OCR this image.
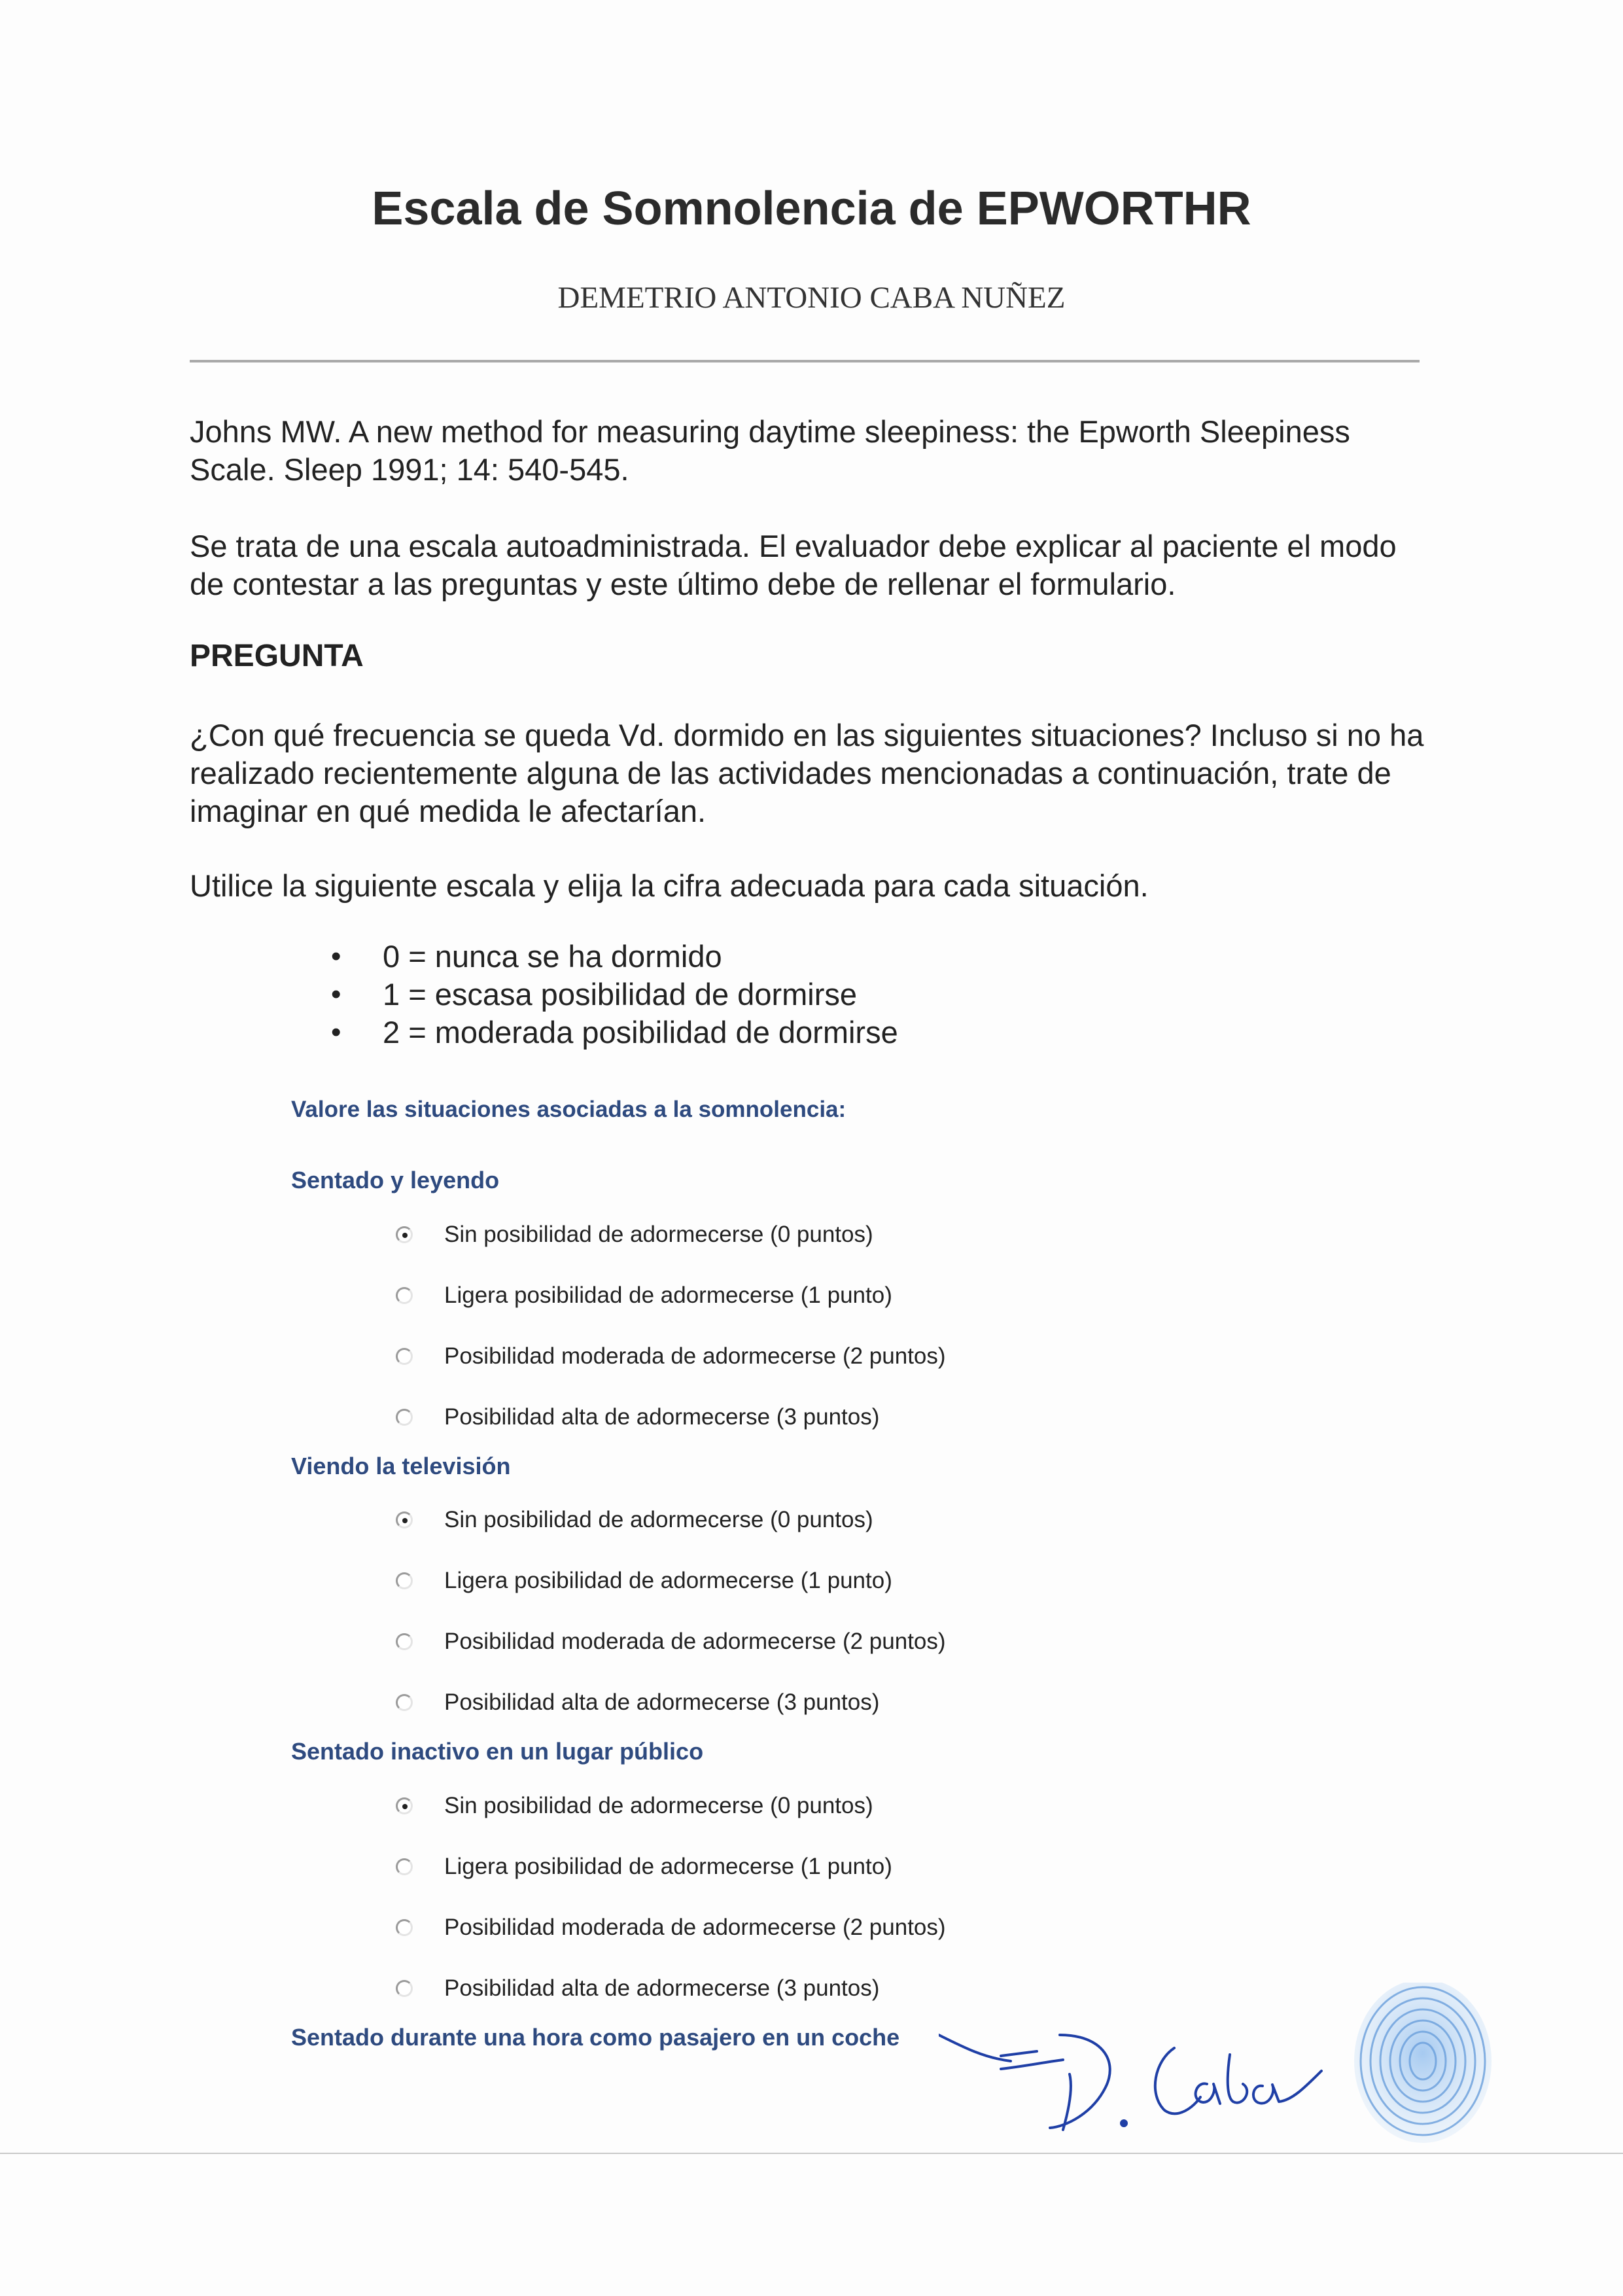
Escala de Somnolencia de EPWORTHR
DEMETRIO ANTONIO CABA NUÑEZ

Johns MW. A new method for measuring daytime sleepiness: the Epworth Sleepiness Scale. Sleep 1991; 14: 540-545.

Se trata de una escala autoadministrada. El evaluador debe explicar al paciente el modo de contestar a las preguntas y este último debe de rellenar el formulario.

PREGUNTA

¿Con qué frecuencia se queda Vd. dormido en las siguientes situaciones? Incluso si no ha realizado recientemente alguna de las actividades mencionadas a continuación, trate de imaginar en qué medida le afectarían.

Utilice la siguiente escala y elija la cifra adecuada para cada situación.

• 0 = nunca se ha dormido
• 1 = escasa posibilidad de dormirse
• 2 = moderada posibilidad de dormirse
Valore las situaciones asociadas a la somnolencia:
Sentado y leyendo
Sin posibilidad de adormecerse (0 puntos)
Ligera posibilidad de adormecerse (1 punto)
Posibilidad moderada de adormecerse (2 puntos)
Posibilidad alta de adormecerse (3 puntos)
Viendo la televisión
Sin posibilidad de adormecerse (0 puntos)
Ligera posibilidad de adormecerse (1 punto)
Posibilidad moderada de adormecerse (2 puntos)
Posibilidad alta de adormecerse (3 puntos)
Sentado inactivo en un lugar público
Sin posibilidad de adormecerse (0 puntos)
Ligera posibilidad de adormecerse (1 punto)
Posibilidad moderada de adormecerse (2 puntos)
Posibilidad alta de adormecerse (3 puntos)
Sentado durante una hora como pasajero en un coche
